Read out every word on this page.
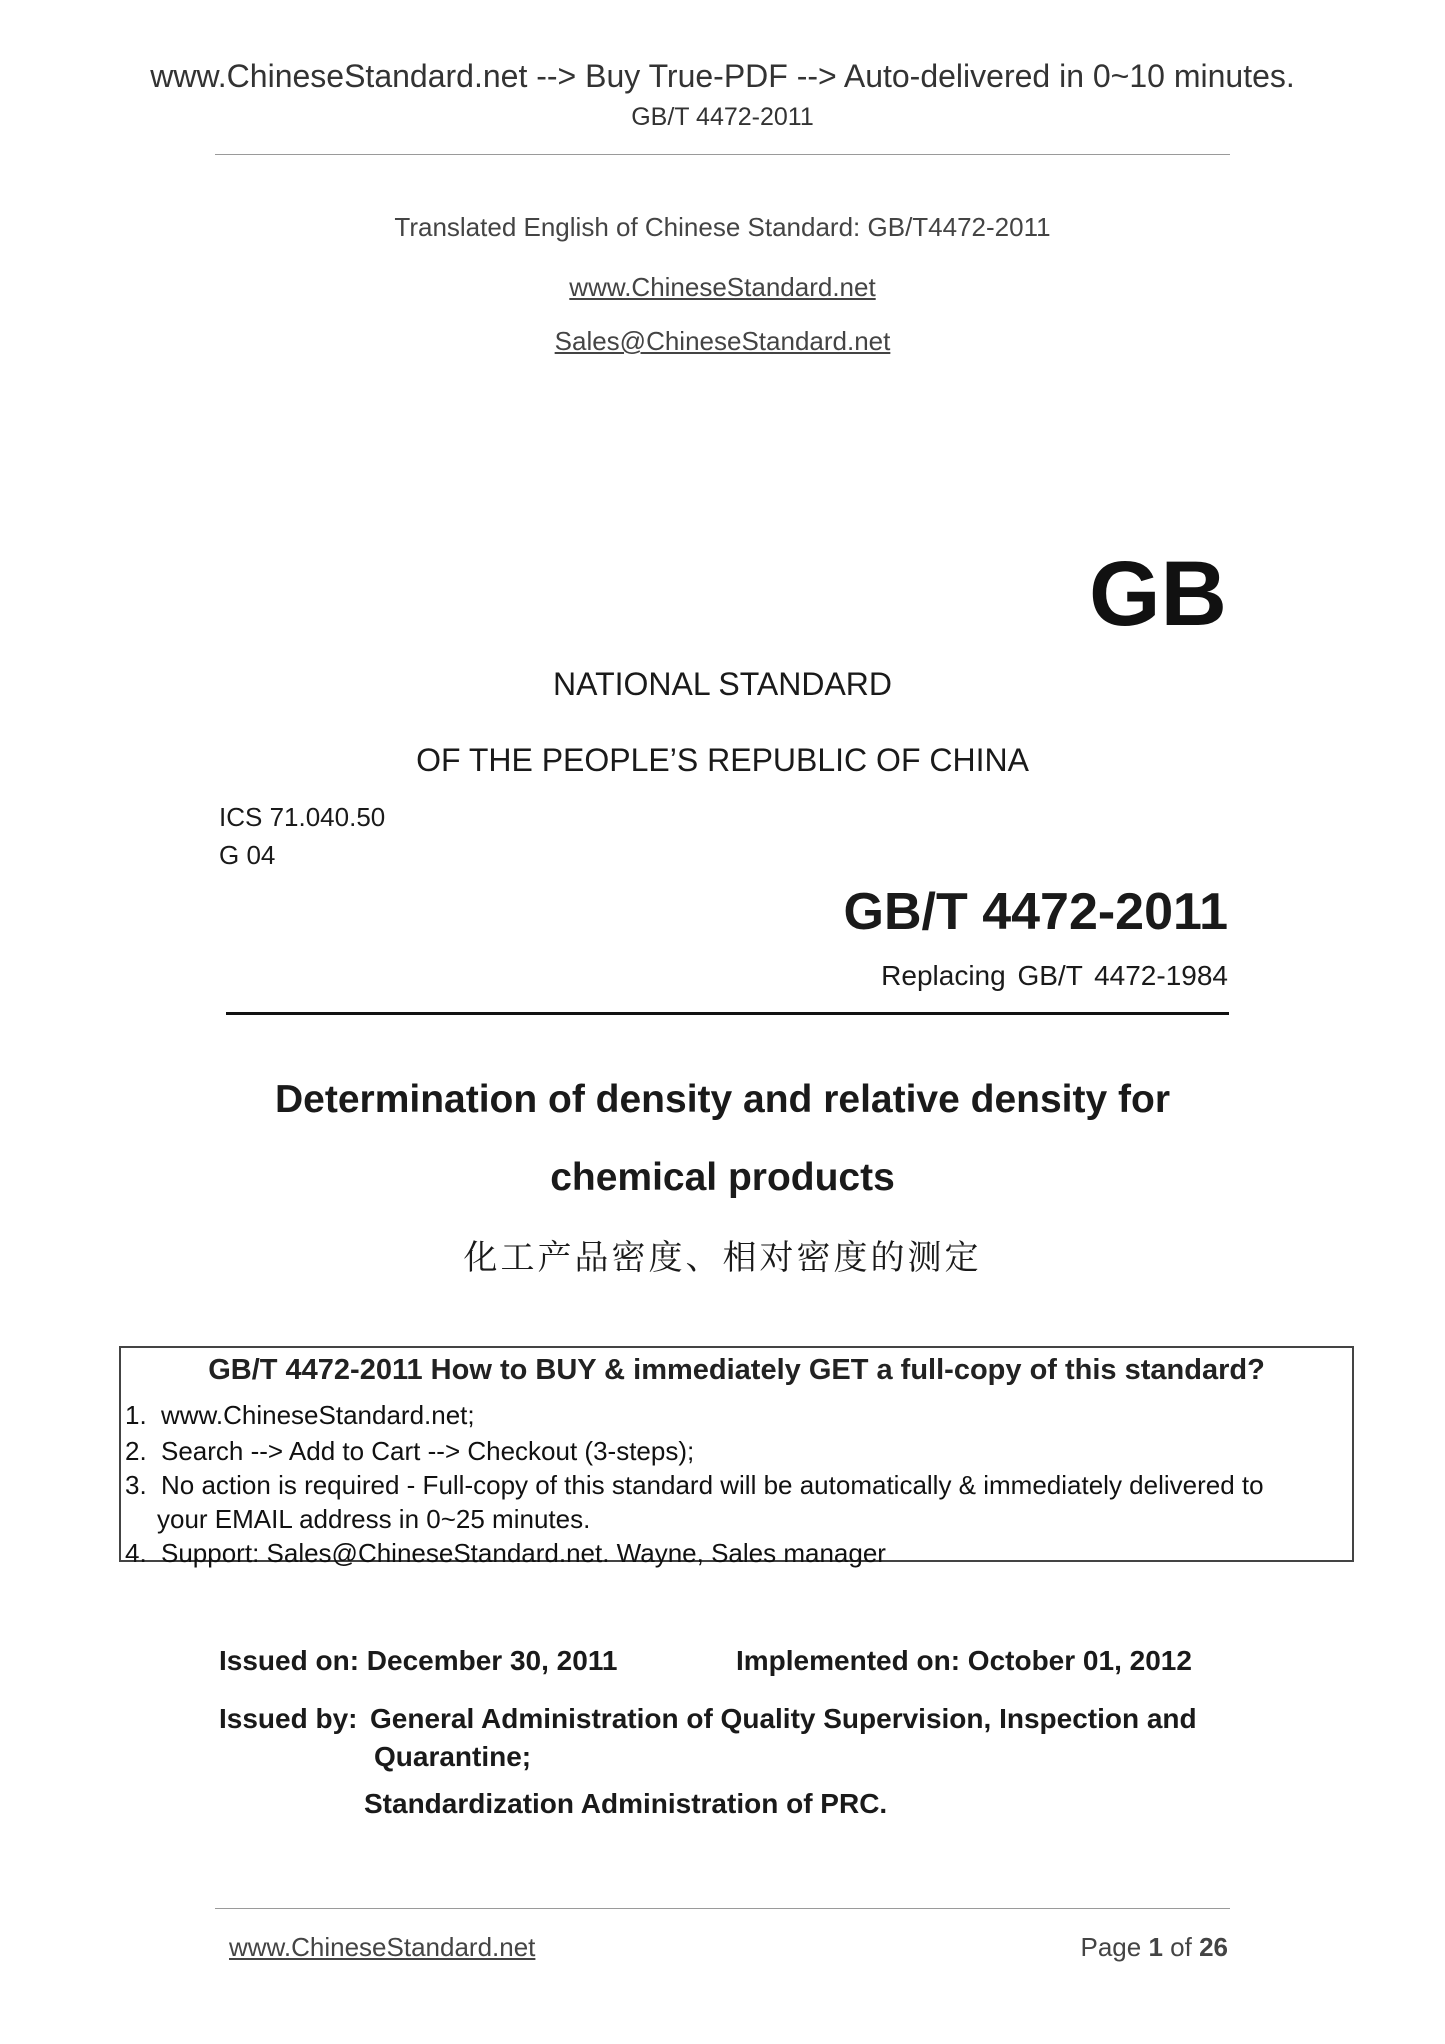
www.ChineseStandard.net --> Buy True-PDF --> Auto-delivered in 0~10 minutes.
GB/T 4472-2011
Translated English of Chinese Standard: GB/T4472-2011
www.ChineseStandard.net
Sales@ChineseStandard.net
GB
NATIONAL STANDARD
OF THE PEOPLE’S REPUBLIC OF CHINA
ICS 71.040.50
G 04
GB/T 4472-2011
Replacing GB/T 4472-1984
Determination of density and relative density for
chemical products
化工产品密度、相对密度的测定
GB/T 4472-2011 How to BUY & immediately GET a full-copy of this standard?
1. www.ChineseStandard.net;
2. Search --> Add to Cart --> Checkout (3-steps);
3. No action is required - Full-copy of this standard will be automatically & immediately delivered to
your EMAIL address in 0~25 minutes.
4. Support: Sales@ChineseStandard.net. Wayne, Sales manager
Issued on: December 30, 2011	Implemented on: October 01, 2012
Issued by: General Administration of Quality Supervision, Inspection and
Quarantine;
Standardization Administration of PRC.
www.ChineseStandard.net	Page 1 of 26
